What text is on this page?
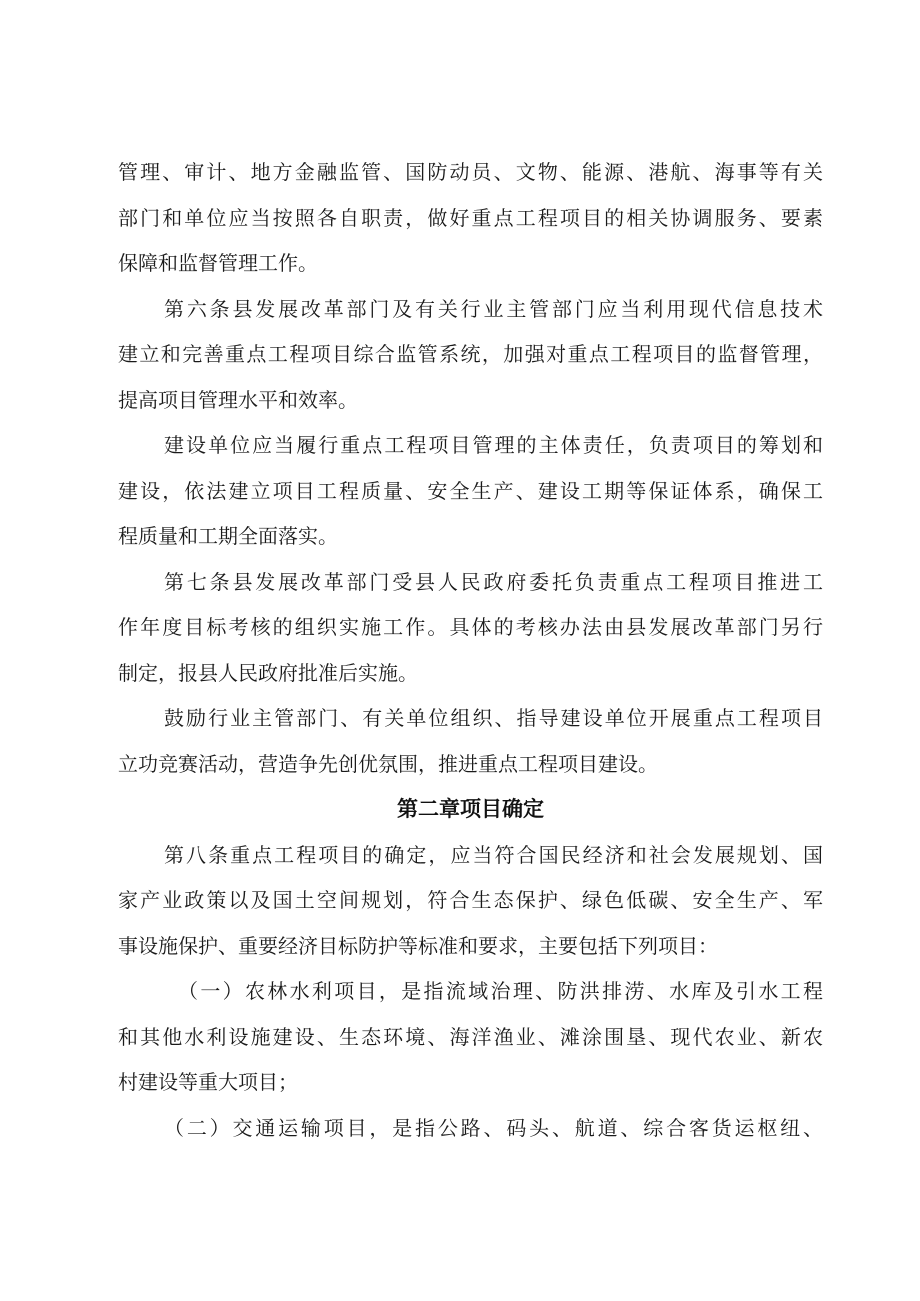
管理、审计、地方金融监管、国防动员、文物、能源、港航、海事等有关
部门和单位应当按照各自职责，做好重点工程项目的相关协调服务、要素
保障和监督管理工作。
第六条县发展改革部门及有关行业主管部门应当利用现代信息技术
建立和完善重点工程项目综合监管系统，加强对重点工程项目的监督管理，
提高项目管理水平和效率。
建设单位应当履行重点工程项目管理的主体责任，负责项目的筹划和
建设，依法建立项目工程质量、安全生产、建设工期等保证体系，确保工
程质量和工期全面落实。
第七条县发展改革部门受县人民政府委托负责重点工程项目推进工
作年度目标考核的组织实施工作。具体的考核办法由县发展改革部门另行
制定，报县人民政府批准后实施。
鼓励行业主管部门、有关单位组织、指导建设单位开展重点工程项目
立功竞赛活动，营造争先创优氛围，推进重点工程项目建设。
第二章项目确定
第八条重点工程项目的确定，应当符合国民经济和社会发展规划、国
家产业政策以及国土空间规划，符合生态保护、绿色低碳、安全生产、军
事设施保护、重要经济目标防护等标准和要求，主要包括下列项目：
（一）农林水利项目，是指流域治理、防洪排涝、水库及引水工程
和其他水利设施建设、生态环境、海洋渔业、滩涂围垦、现代农业、新农
村建设等重大项目；
（二）交通运输项目，是指公路、码头、航道、综合客货运枢纽、
